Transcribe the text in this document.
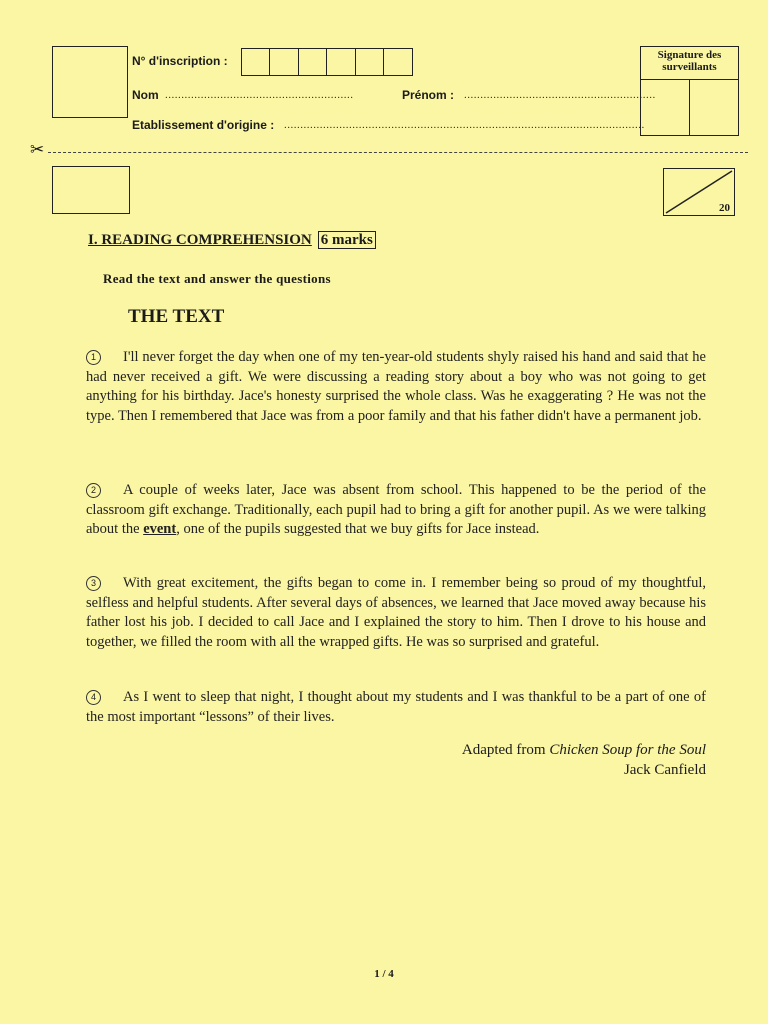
N° d'inscription :
Nom ..........................................................	Prénom : ...........................................................
Etablissement d'origine : ...............................................................................................................
Signature des surveillants
✂
20
I. READING COMPREHENSION 6 marks
Read the text and answer the questions
THE TEXT
1 I'll never forget the day when one of my ten-year-old students shyly raised his hand and said that he had never received a gift. We were discussing a reading story about a boy who was not going to get anything for his birthday. Jace's honesty surprised the whole class. Was he exaggerating ? He was not the type. Then I remembered that Jace was from a poor family and that his father didn't have a permanent job.
2 A couple of weeks later, Jace was absent from school. This happened to be the period of the classroom gift exchange. Traditionally, each pupil had to bring a gift for another pupil. As we were talking about the event, one of the pupils suggested that we buy gifts for Jace instead.
3 With great excitement, the gifts began to come in. I remember being so proud of my thoughtful, selfless and helpful students. After several days of absences, we learned that Jace moved away because his father lost his job. I decided to call Jace and I explained the story to him. Then I drove to his house and together, we filled the room with all the wrapped gifts. He was so surprised and grateful.
4 As I went to sleep that night, I thought about my students and I was thankful to be a part of one of the most important “lessons” of their lives.
Adapted from Chicken Soup for the Soul
Jack Canfield
1 / 4
